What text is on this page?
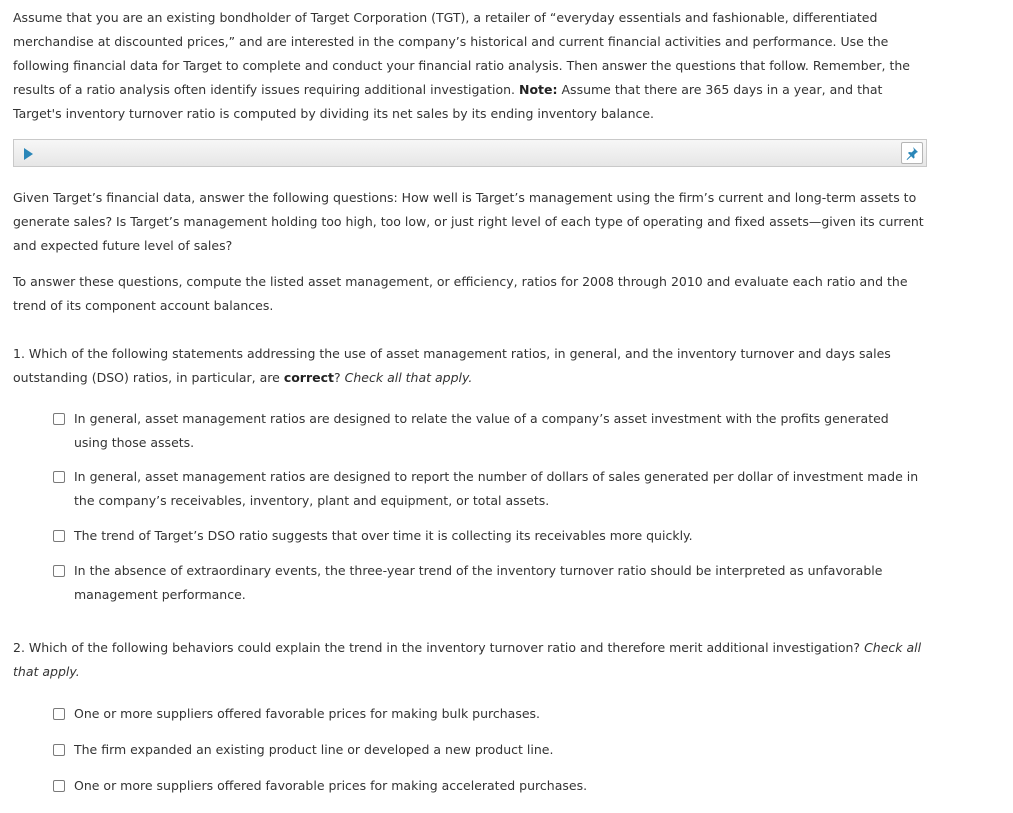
Assume that you are an existing bondholder of Target Corporation (TGT), a retailer of “everyday essentials and fashionable, differentiated merchandise at discounted prices,” and are interested in the company’s historical and current financial activities and performance. Use the following financial data for Target to complete and conduct your financial ratio analysis. Then answer the questions that follow. Remember, the results of a ratio analysis often identify issues requiring additional investigation. Note: Assume that there are 365 days in a year, and that Target's inventory turnover ratio is computed by dividing its net sales by its ending inventory balance.

Given Target’s financial data, answer the following questions: How well is Target’s management using the firm’s current and long-term assets to generate sales? Is Target’s management holding too high, too low, or just right level of each type of operating and fixed assets—given its current and expected future level of sales?

To answer these questions, compute the listed asset management, or efficiency, ratios for 2008 through 2010 and evaluate each ratio and the trend of its component account balances.

1. Which of the following statements addressing the use of asset management ratios, in general, and the inventory turnover and days sales outstanding (DSO) ratios, in particular, are correct? Check all that apply.

In general, asset management ratios are designed to relate the value of a company’s asset investment with the profits generated using those assets.
In general, asset management ratios are designed to report the number of dollars of sales generated per dollar of investment made in the company’s receivables, inventory, plant and equipment, or total assets.
The trend of Target’s DSO ratio suggests that over time it is collecting its receivables more quickly.
In the absence of extraordinary events, the three-year trend of the inventory turnover ratio should be interpreted as unfavorable management performance.

2. Which of the following behaviors could explain the trend in the inventory turnover ratio and therefore merit additional investigation? Check all that apply.

One or more suppliers offered favorable prices for making bulk purchases.
The firm expanded an existing product line or developed a new product line.
One or more suppliers offered favorable prices for making accelerated purchases.
